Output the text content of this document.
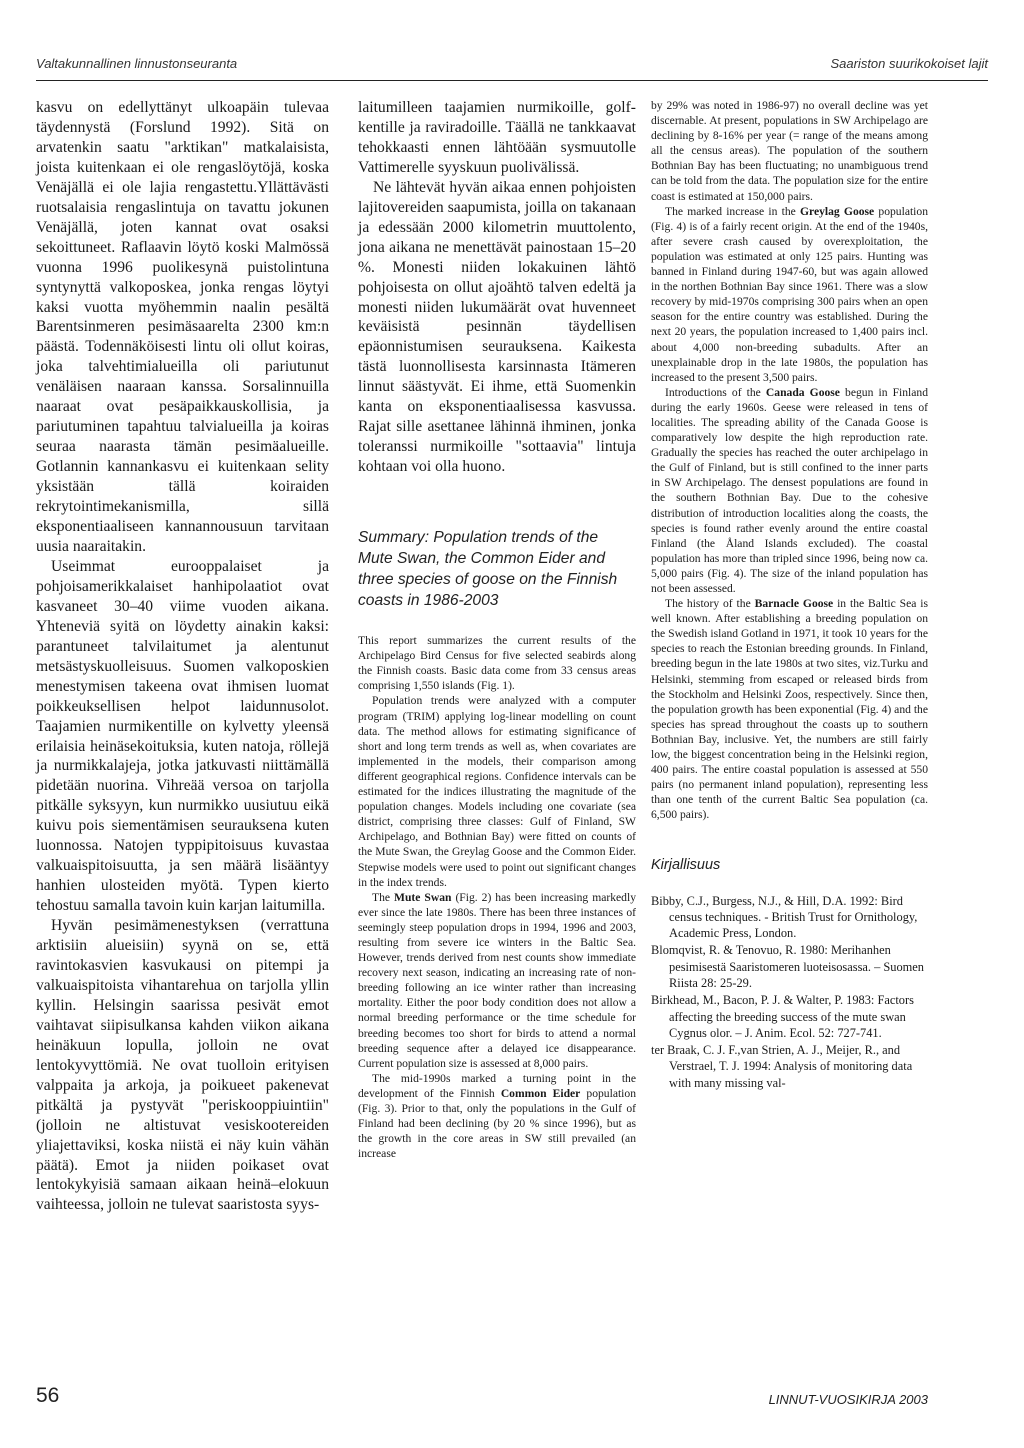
Valtakunnallinen linnustonseuranta	Saariston suurikokoiset lajit

kasvu on edellyttänyt ulkoapäin tulevaa täydennystä (Forslund 1992). Sitä on arvatenkin saatu "arktikan" matkalaisista, joista kuitenkaan ei ole rengaslöytöjä, koska Venäjällä ei ole lajia rengastettu.Yllättävästi ruotsalaisia rengaslintuja on tavattu jokunen Venäjällä, joten kannat ovat osaksi sekoittuneet. Raflaavin löytö koski Malmössä vuonna 1996 puolikesynä puistolintuna syntynyttä valkoposkea, jonka rengas löytyi kaksi vuotta myöhemmin naalin pesältä Barentsinmeren pesimäsaarelta 2300 km:n päästä. Todennäköisesti lintu oli ollut koiras, joka talvehtimialueilla oli pariutunut venäläisen naaraan kanssa. Sorsalinnuilla naaraat ovat pesäpaikkauskollisia, ja pariutuminen tapahtuu talvialueilla ja koiras seuraa naarasta tämän pesimäalueille. Gotlannin kannankasvu ei kuitenkaan selity yksistään tällä koiraiden rekrytointimekanismilla, sillä eksponentiaaliseen kannannousuun tarvitaan uusia naaraitakin.

Useimmat eurooppalaiset ja pohjoisamerikkalaiset hanhipolaatiot ovat kasvaneet 30–40 viime vuoden aikana. Yhteneviä syitä on löydetty ainakin kaksi: parantuneet talvilaitumet ja alentunut metsästyskuolleisuus. Suomen valkoposkien menestymisen takeena ovat ihmisen luomat poikkeuksellisen helpot laidunnusolot. Taajamien nurmikentille on kylvetty yleensä erilaisia heinäsekoituksia, kuten natoja, röllejä ja nurmikkalajeja, jotka jatkuvasti niittämällä pidetään nuorina. Vihreää versoa on tarjolla pitkälle syksyyn, kun nurmikko uusiutuu eikä kuivu pois siementämisen seurauksena kuten luonnossa. Natojen typpipitoisuus kuvastaa valkuaispitoisuutta, ja sen määrä lisääntyy hanhien ulosteiden myötä. Typen kierto tehostuu samalla tavoin kuin karjan laitumilla.

Hyvän pesimämenestyksen (verrattuna arktisiin alueisiin) syynä on se, että ravintokasvien kasvukausi on pitempi ja valkuaispitoista vihantarehua on tarjolla yllin kyllin. Helsingin saarissa pesivät emot vaihtavat siipisulkansa kahden viikon aikana heinäkuun lopulla, jolloin ne ovat lentokyvyttömiä. Ne ovat tuolloin erityisen valppaita ja arkoja, ja poikueet pakenevat pitkältä ja pystyvät "periskooppiuintiin" (jolloin ne altistuvat vesiskootereiden yliajettaviksi, koska niistä ei näy kuin vähän päätä). Emot ja niiden poikaset ovat lentokykyisiä samaan aikaan heinä–elokuun vaihteessa, jolloin ne tulevat saaristosta syys-

laitumilleen taajamien nurmikoille, golf-kentille ja raviradoille. Täällä ne tankkaavat tehokkaasti ennen lähtöään sysmuutolle Vattimerelle syyskuun puolivälissä.

Ne lähtevät hyvän aikaa ennen pohjoisten lajitovereiden saapumista, joilla on takanaan ja edessään 2000 kilometrin muuttolento, jona aikana ne menettävät painostaan 15–20 %. Monesti niiden lokakuinen lähtö pohjoisesta on ollut ajoähtö talven edeltä ja monesti niiden lukumäärät ovat huvenneet keväisistä pesinnän täydellisen epäonnistumisen seurauksena. Kaikesta tästä luonnollisesta karsinnasta Itämeren linnut säästyvät. Ei ihme, että Suomenkin kanta on eksponentiaalisessa kasvussa. Rajat sille asettanee lähinnä ihminen, jonka toleranssi nurmikoille "sottaavia" lintuja kohtaan voi olla huono.

Summary: Population trends of the Mute Swan, the Common Eider and three species of goose on the Finnish coasts in 1986-2003

This report summarizes the current results of the Archipelago Bird Census for five selected seabirds along the Finnish coasts. Basic data come from 33 census areas comprising 1,550 islands (Fig. 1).

Population trends were analyzed with a computer program (TRIM) applying log-linear modelling on count data. The method allows for estimating significance of short and long term trends as well as, when covariates are implemented in the models, their comparison among different geographical regions. Confidence intervals can be estimated for the indices illustrating the magnitude of the population changes. Models including one covariate (sea district, comprising three classes: Gulf of Finland, SW Archipelago, and Bothnian Bay) were fitted on counts of the Mute Swan, the Greylag Goose and the Common Eider. Stepwise models were used to point out significant changes in the index trends.

The Mute Swan (Fig. 2) has been increasing markedly ever since the late 1980s. There has been three instances of seemingly steep population drops in 1994, 1996 and 2003, resulting from severe ice winters in the Baltic Sea. However, trends derived from nest counts show immediate recovery next season, indicating an increasing rate of non-breeding following an ice winter rather than increasing mortality. Either the poor body condition does not allow a normal breeding performance or the time schedule for breeding becomes too short for birds to attend a normal breeding sequence after a delayed ice disappearance. Current population size is assessed at 8,000 pairs.

The mid-1990s marked a turning point in the development of the Finnish Common Eider population (Fig. 3). Prior to that, only the populations in the Gulf of Finland had been declining (by 20 % since 1996), but as the growth in the core areas in SW still prevailed (an increase

by 29% was noted in 1986-97) no overall decline was yet discernable. At present, populations in SW Archipelago are declining by 8-16% per year (= range of the means among all the census areas). The population of the southern Bothnian Bay has been fluctuating; no unambiguous trend can be told from the data. The population size for the entire coast is estimated at 150,000 pairs.

The marked increase in the Greylag Goose population (Fig. 4) is of a fairly recent origin. At the end of the 1940s, after severe crash caused by overexploitation, the population was estimated at only 125 pairs. Hunting was banned in Finland during 1947-60, but was again allowed in the northen Bothnian Bay since 1961. There was a slow recovery by mid-1970s comprising 300 pairs when an open season for the entire country was established. During the next 20 years, the population increased to 1,400 pairs incl. about 4,000 non-breeding subadults. After an unexplainable drop in the late 1980s, the population has increased to the present 3,500 pairs.

Introductions of the Canada Goose begun in Finland during the early 1960s. Geese were released in tens of localities. The spreading ability of the Canada Goose is comparatively low despite the high reproduction rate. Gradually the species has reached the outer archipelago in the Gulf of Finland, but is still confined to the inner parts in SW Archipelago. The densest populations are found in the southern Bothnian Bay. Due to the cohesive distribution of introduction localities along the coasts, the species is found rather evenly around the entire coastal Finland (the Åland Islands excluded). The coastal population has more than tripled since 1996, being now ca. 5,000 pairs (Fig. 4). The size of the inland population has not been assessed.

The history of the Barnacle Goose in the Baltic Sea is well known. After establishing a breeding population on the Swedish island Gotland in 1971, it took 10 years for the species to reach the Estonian breeding grounds. In Finland, breeding begun in the late 1980s at two sites, viz.Turku and Helsinki, stemming from escaped or released birds from the Stockholm and Helsinki Zoos, respectively. Since then, the population growth has been exponential (Fig. 4) and the species has spread throughout the coasts up to southern Bothnian Bay, inclusive. Yet, the numbers are still fairly low, the biggest concentration being in the Helsinki region, 400 pairs. The entire coastal population is assessed at 550 pairs (no permanent inland population), representing less than one tenth of the current Baltic Sea population (ca. 6,500 pairs).

Kirjallisuus
Bibby, C.J., Burgess, N.J., & Hill, D.A. 1992: Bird census techniques. - British Trust for Ornithology, Academic Press, London.
Blomqvist, R. & Tenovuo, R. 1980: Merihanhen pesimisestä Saaristomeren luoteisosassa. – Suomen Riista 28: 25-29.
Birkhead, M., Bacon, P. J. & Walter, P. 1983: Factors affecting the breeding success of the mute swan Cygnus olor. – J. Anim. Ecol. 52: 727-741.
ter Braak, C. J. F.,van Strien, A. J., Meijer, R., and Verstrael, T. J. 1994: Analysis of monitoring data with many missing val-
56	LINNUT-VUOSIKIRJA 2003
